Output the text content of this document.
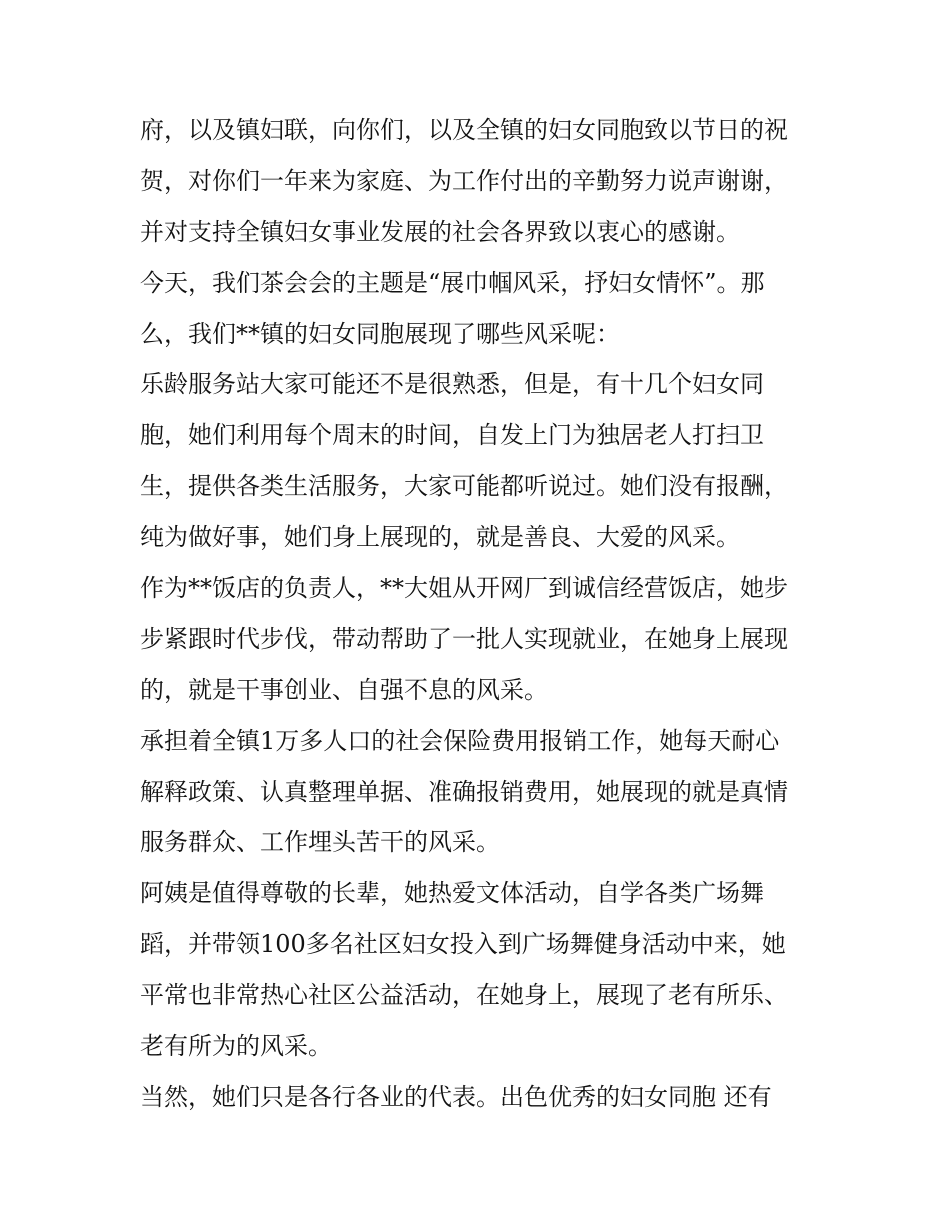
府，以及镇妇联，向你们，以及全镇的妇女同胞致以节日的祝
贺，对你们一年来为家庭、为工作付出的辛勤努力说声谢谢，
并对支持全镇妇女事业发展的社会各界致以衷心的感谢。
今天，我们茶会会的主题是“展巾帼风采，抒妇女情怀”。那
么，我们**镇的妇女同胞展现了哪些风采呢：
乐龄服务站大家可能还不是很熟悉，但是，有十几个妇女同
胞，她们利用每个周末的时间，自发上门为独居老人打扫卫
生，提供各类生活服务，大家可能都听说过。她们没有报酬，
纯为做好事，她们身上展现的，就是善良、大爱的风采。
作为**饭店的负责人，**大姐从开网厂到诚信经营饭店，她步
步紧跟时代步伐，带动帮助了一批人实现就业，在她身上展现
的，就是干事创业、自强不息的风采。
承担着全镇1万多人口的社会保险费用报销工作，她每天耐心
解释政策、认真整理单据、准确报销费用，她展现的就是真情
服务群众、工作埋头苦干的风采。
阿姨是值得尊敬的长辈，她热爱文体活动，自学各类广场舞
蹈，并带领100多名社区妇女投入到广场舞健身活动中来，她
平常也非常热心社区公益活动，在她身上，展现了老有所乐、
老有所为的风采。
当然，她们只是各行各业的代表。出色优秀的妇女同胞 还有
